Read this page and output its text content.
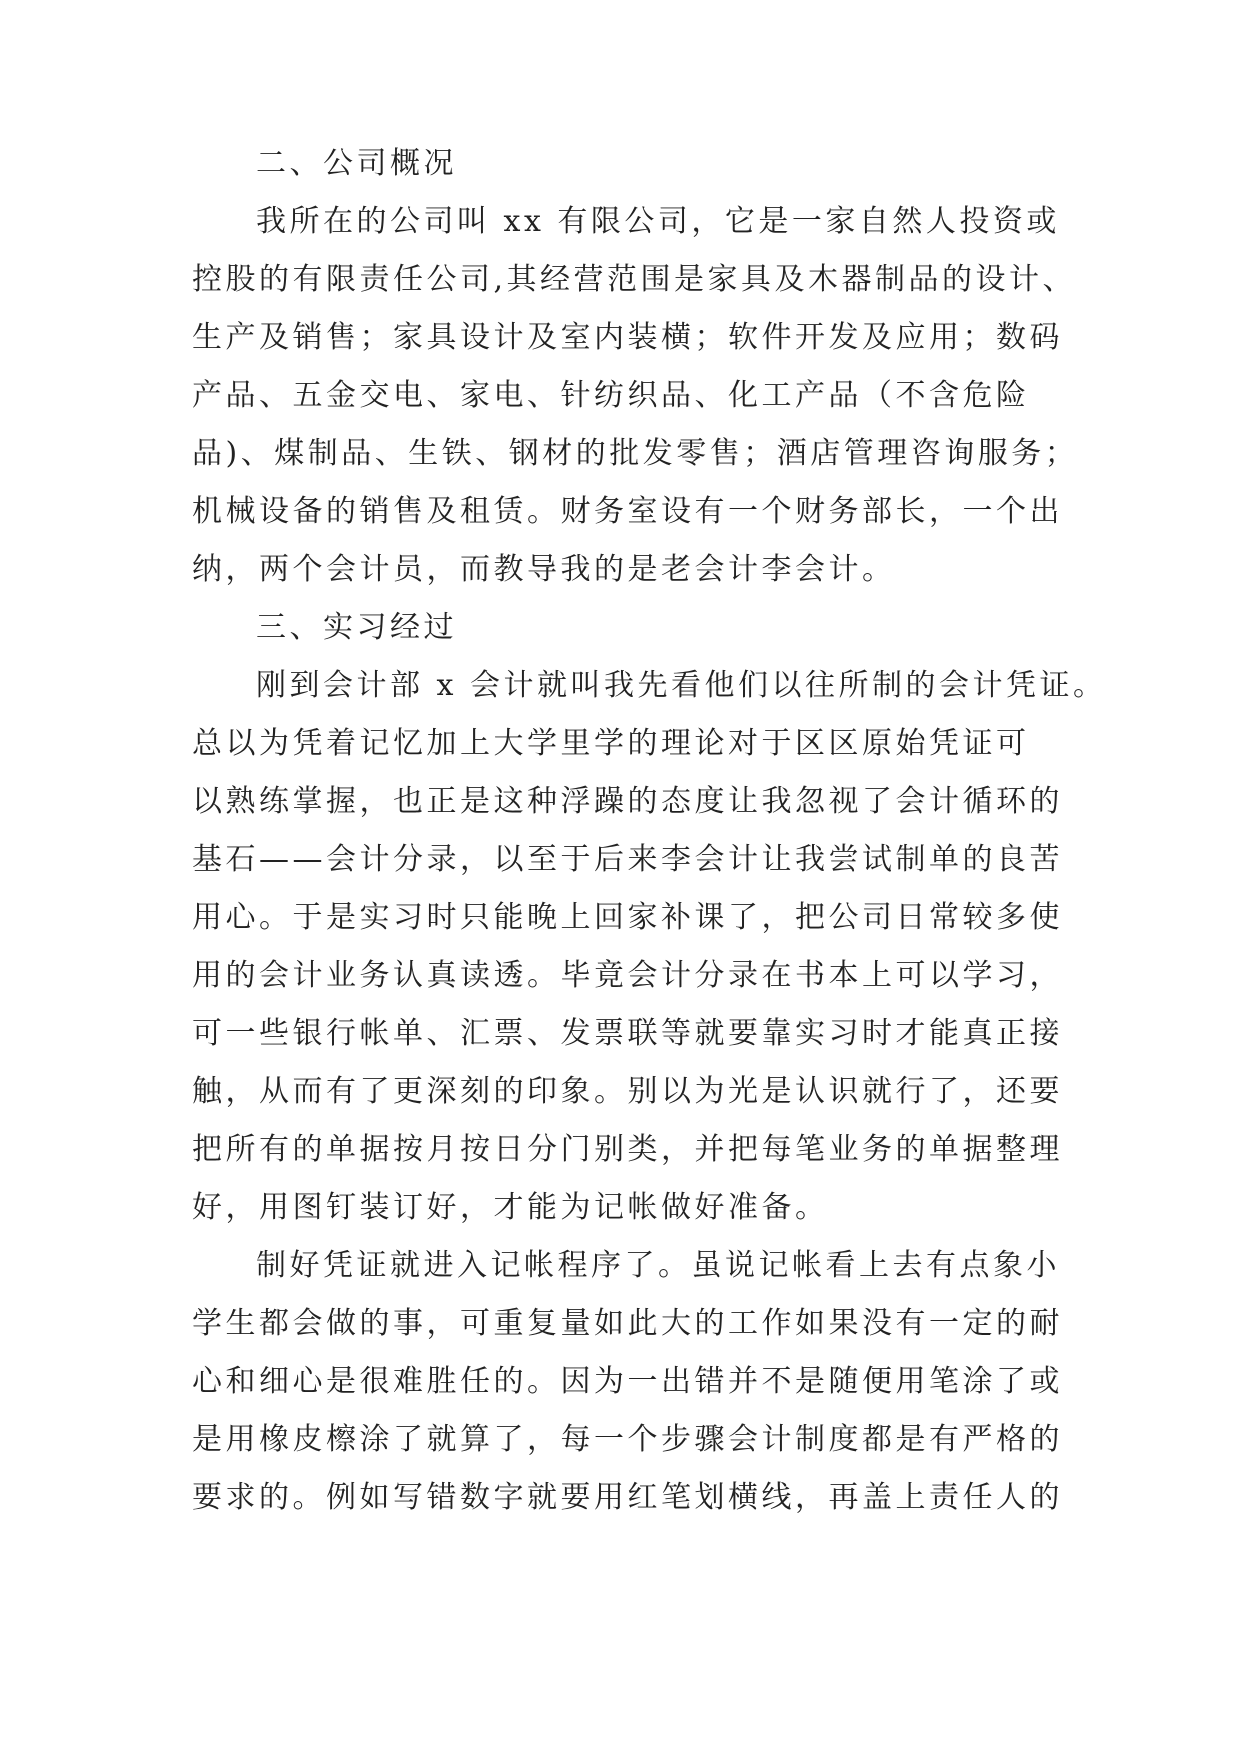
二、公司概况

我所在的公司叫 xx 有限公司，它是一家自然人投资或

控股的有限责任公司,其经营范围是家具及木器制品的设计、

生产及销售；家具设计及室内装横；软件开发及应用；数码

产品、五金交电、家电、针纺织品、化工产品（不含危险

品)、煤制品、生铁、钢材的批发零售；酒店管理咨询服务；

机械设备的销售及租赁。财务室设有一个财务部长，一个出

纳，两个会计员，而教导我的是老会计李会计。

三、实习经过

刚到会计部 x 会计就叫我先看他们以往所制的会计凭证。

总以为凭着记忆加上大学里学的理论对于区区原始凭证可

以熟练掌握，也正是这种浮躁的态度让我忽视了会计循环的

基石——会计分录，以至于后来李会计让我尝试制单的良苦

用心。于是实习时只能晚上回家补课了，把公司日常较多使

用的会计业务认真读透。毕竟会计分录在书本上可以学习，

可一些银行帐单、汇票、发票联等就要靠实习时才能真正接

触，从而有了更深刻的印象。别以为光是认识就行了，还要

把所有的单据按月按日分门别类，并把每笔业务的单据整理

好，用图钉装订好，才能为记帐做好准备。

制好凭证就进入记帐程序了。虽说记帐看上去有点象小

学生都会做的事，可重复量如此大的工作如果没有一定的耐

心和细心是很难胜任的。因为一出错并不是随便用笔涂了或

是用橡皮檫涂了就算了，每一个步骤会计制度都是有严格的

要求的。例如写错数字就要用红笔划横线，再盖上责任人的
